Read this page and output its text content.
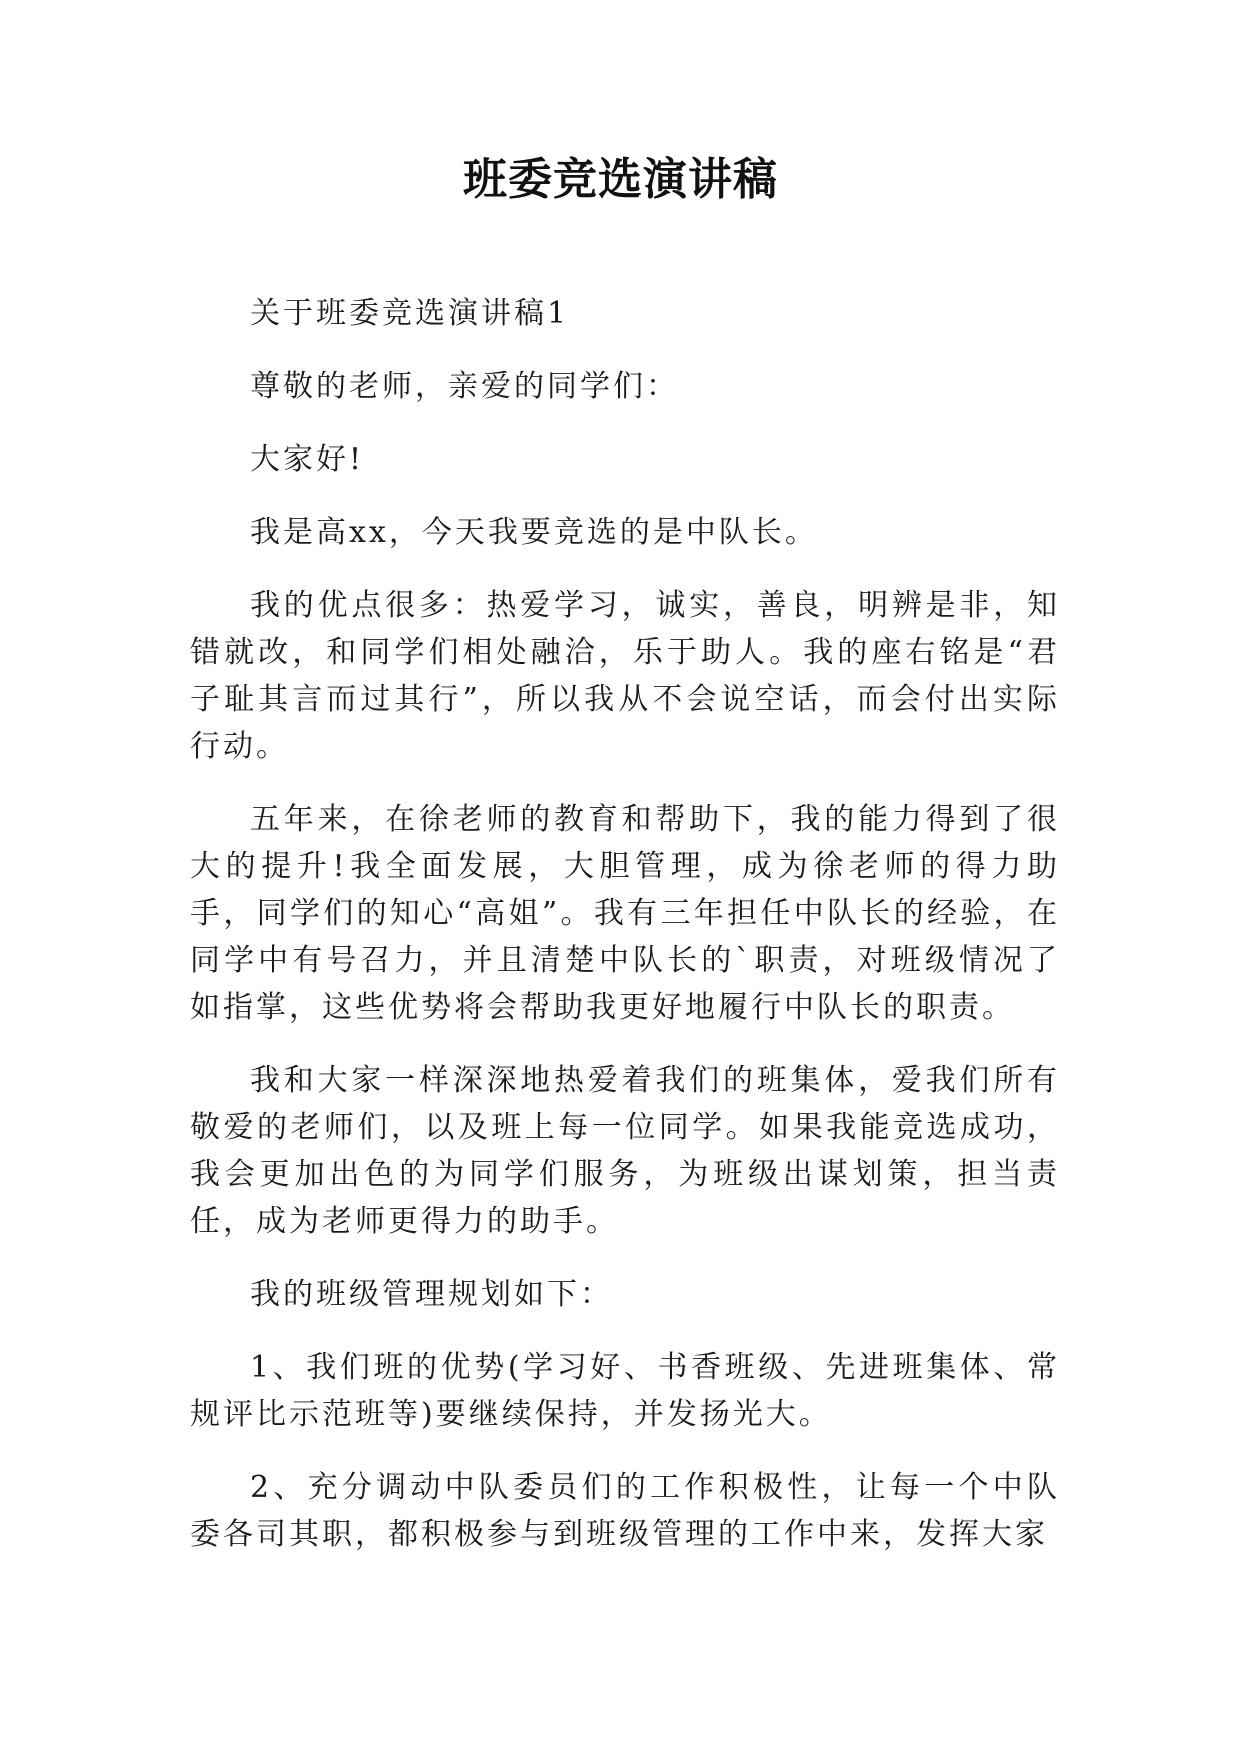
班委竞选演讲稿

关于班委竞选演讲稿1

尊敬的老师，亲爱的同学们：

大家好!

我是高xx，今天我要竞选的是中队长。

我的优点很多：热爱学习，诚实，善良，明辨是非，知错就改，和同学们相处融洽，乐于助人。我的座右铭是“君子耻其言而过其行”，所以我从不会说空话，而会付出实际行动。

五年来，在徐老师的教育和帮助下，我的能力得到了很大的提升!我全面发展，大胆管理，成为徐老师的得力助手，同学们的知心“高姐”。我有三年担任中队长的经验，在同学中有号召力，并且清楚中队长的`职责，对班级情况了如指掌，这些优势将会帮助我更好地履行中队长的职责。

我和大家一样深深地热爱着我们的班集体，爱我们所有敬爱的老师们，以及班上每一位同学。如果我能竞选成功，我会更加出色的为同学们服务，为班级出谋划策，担当责任，成为老师更得力的助手。

我的班级管理规划如下：

1、我们班的优势(学习好、书香班级、先进班集体、常规评比示范班等)要继续保持，并发扬光大。

2、充分调动中队委员们的工作积极性，让每一个中队委各司其职，都积极参与到班级管理的工作中来，发挥大家
